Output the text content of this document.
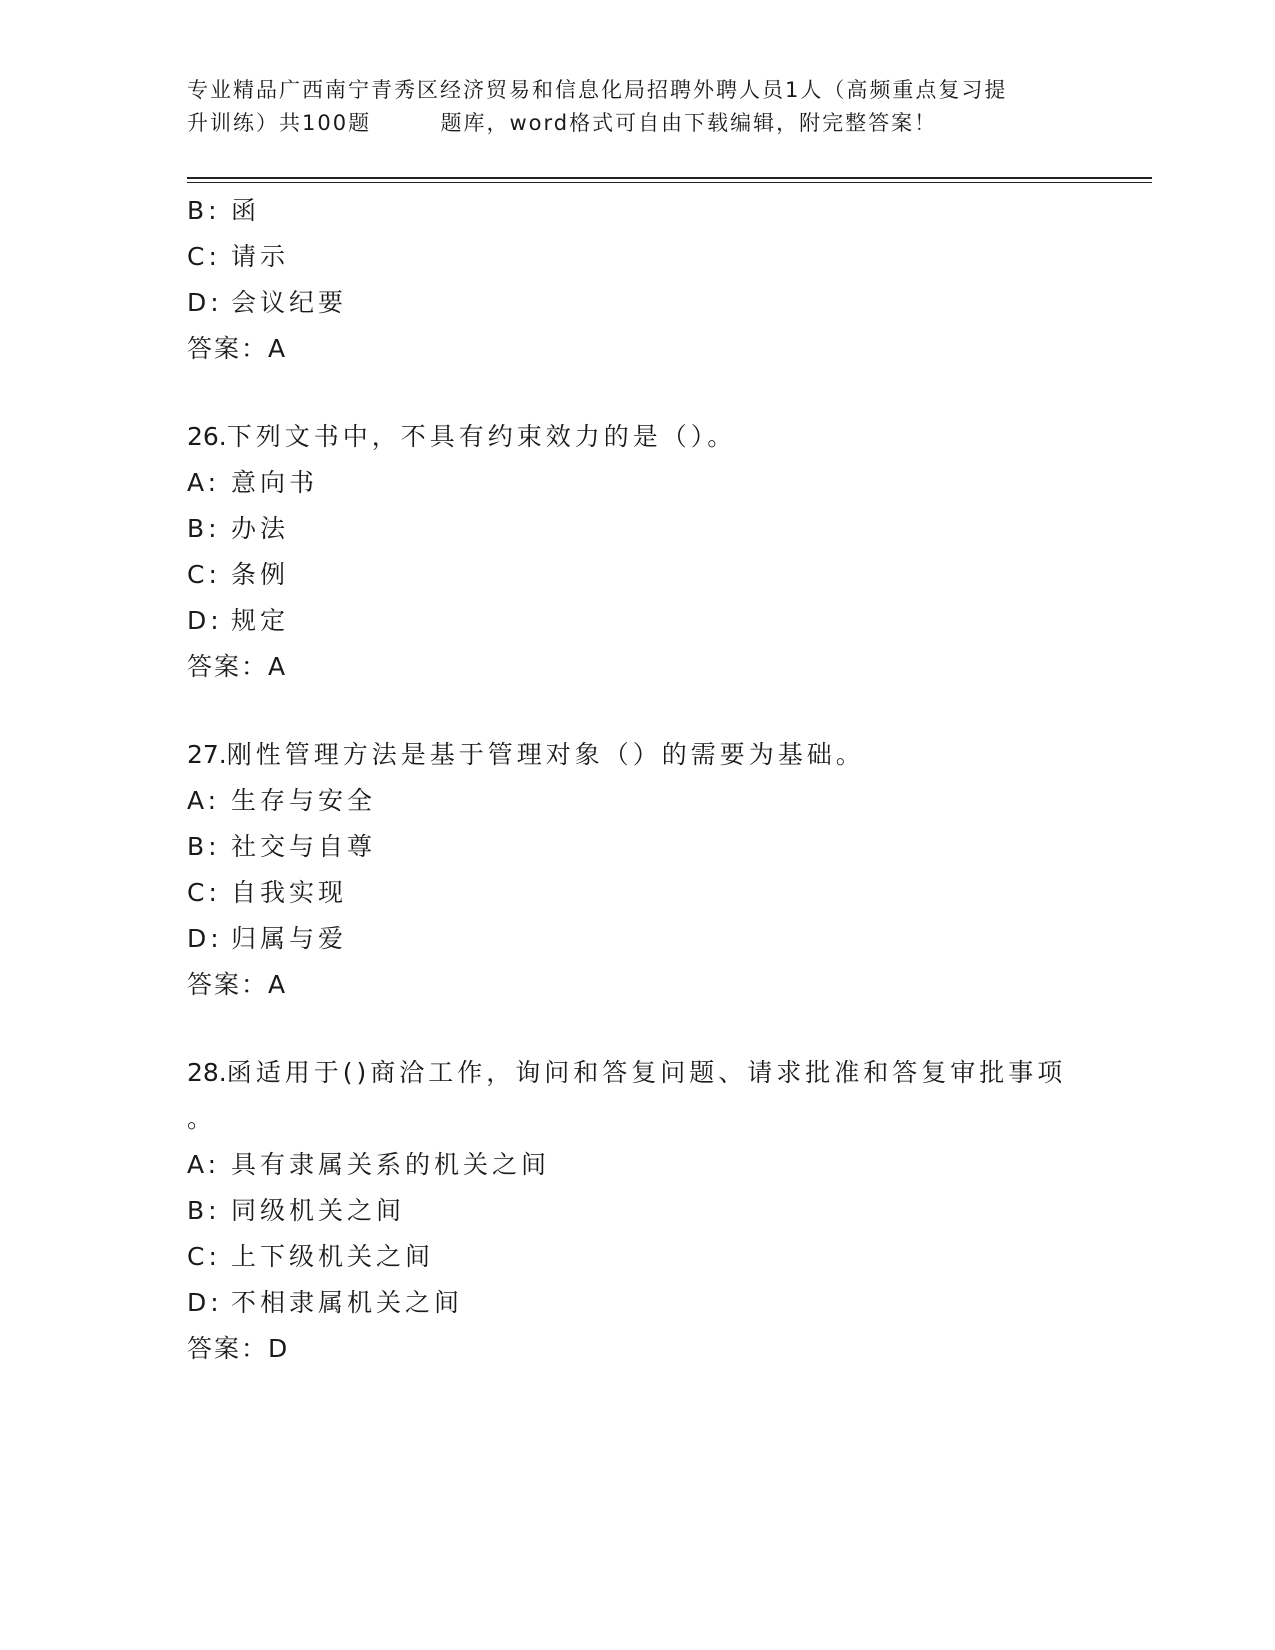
专业精品广西南宁青秀区经济贸易和信息化局招聘外聘人员1人（高频重点复习提
升训练）共100题        题库，word格式可自由下载编辑，附完整答案！
B: 函
C: 请示
D: 会议纪要
答案：A
26.下列文书中，不具有约束效力的是（）。
A: 意向书
B: 办法
C: 条例
D: 规定
答案：A
27.刚性管理方法是基于管理对象（）的需要为基础。
A: 生存与安全
B: 社交与自尊
C: 自我实现
D: 归属与爱
答案：A
28.函适用于()商洽工作，询问和答复问题、请求批准和答复审批事项
。
A: 具有隶属关系的机关之间
B: 同级机关之间
C: 上下级机关之间
D: 不相隶属机关之间
答案：D
